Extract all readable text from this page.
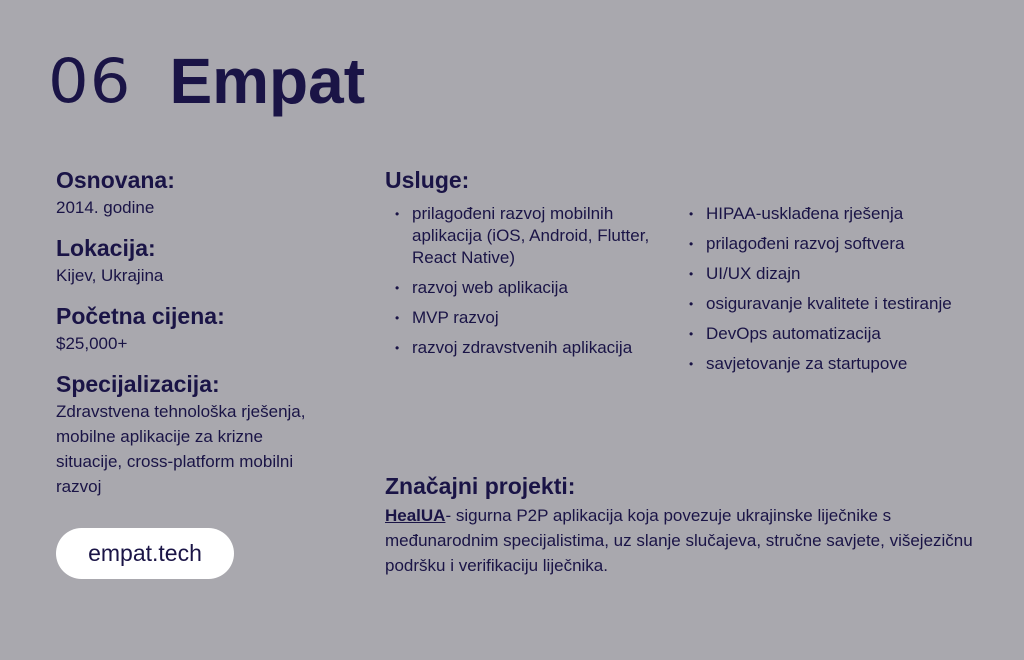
06 Empat
Osnovana:
2014. godine
Lokacija:
Kijev, Ukrajina
Početna cijena:
$25,000+
Specijalizacija:
Zdravstvena tehnološka rješenja, mobilne aplikacije za krizne situacije, cross-platform mobilni razvoj
empat.tech
Usluge:
• prilagođeni razvoj mobilnih aplikacija (iOS, Android, Flutter, React Native)
• razvoj web aplikacija
• MVP razvoj
• razvoj zdravstvenih aplikacija
• HIPAA-usklađena rješenja
• prilagođeni razvoj softvera
• UI/UX dizajn
• osiguravanje kvalitete i testiranje
• DevOps automatizacija
• savjetovanje za startupove
Značajni projekti:
HealUA- sigurna P2P aplikacija koja povezuje ukrajinske liječnike s međunarodnim specijalistima, uz slanje slučajeva, stručne savjete, višejezičnu podršku i verifikaciju liječnika.
